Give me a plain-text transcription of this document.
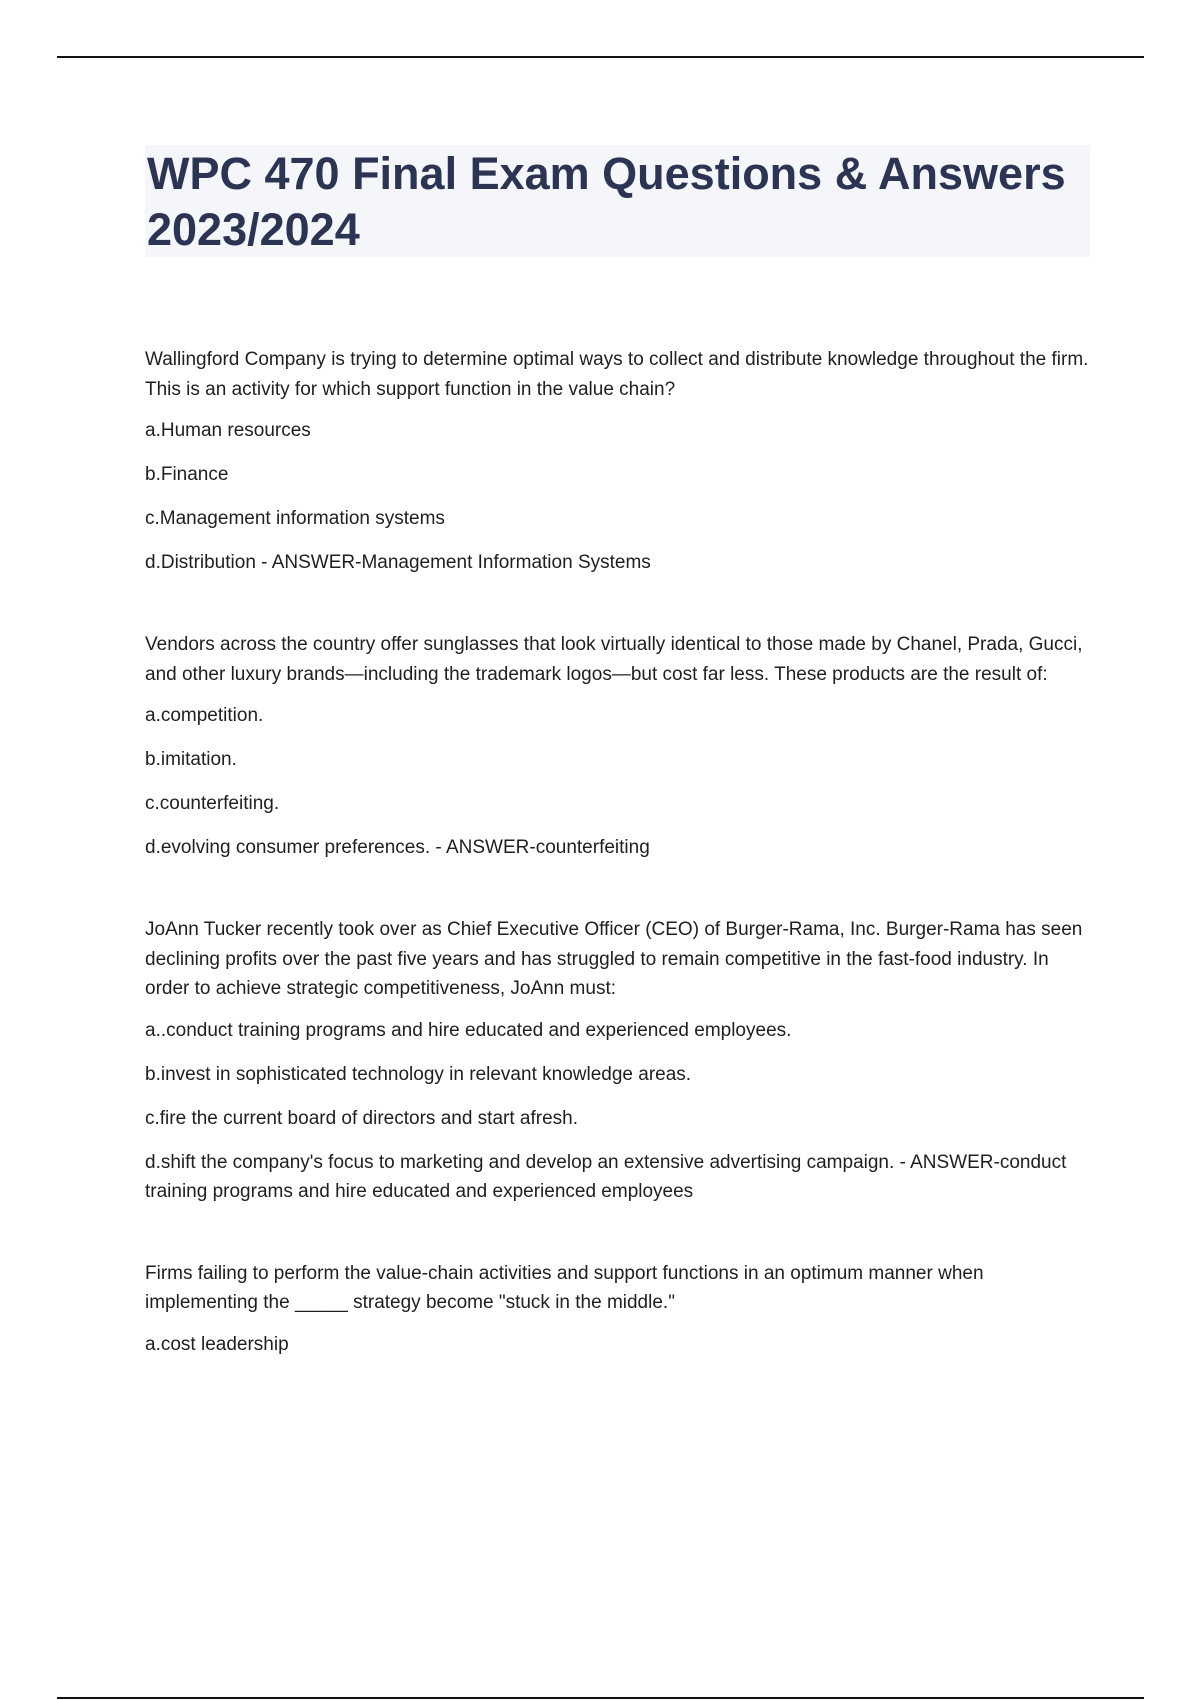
WPC 470 Final Exam Questions & Answers 2023/2024

Wallingford Company is trying to determine optimal ways to collect and distribute knowledge throughout the firm. This is an activity for which support function in the value chain?

a.Human resources

b.Finance

c.Management information systems

d.Distribution - ANSWER-Management Information Systems

Vendors across the country offer sunglasses that look virtually identical to those made by Chanel, Prada, Gucci, and other luxury brands—including the trademark logos—but cost far less. These products are the result of:

a.competition.

b.imitation.

c.counterfeiting.

d.evolving consumer preferences. - ANSWER-counterfeiting

JoAnn Tucker recently took over as Chief Executive Officer (CEO) of Burger-Rama, Inc. Burger-Rama has seen declining profits over the past five years and has struggled to remain competitive in the fast-food industry. In order to achieve strategic competitiveness, JoAnn must:

a..conduct training programs and hire educated and experienced employees.

b.invest in sophisticated technology in relevant knowledge areas.

c.fire the current board of directors and start afresh.

d.shift the company's focus to marketing and develop an extensive advertising campaign. - ANSWER-conduct training programs and hire educated and experienced employees

Firms failing to perform the value-chain activities and support functions in an optimum manner when implementing the _____ strategy become "stuck in the middle."

a.cost leadership
